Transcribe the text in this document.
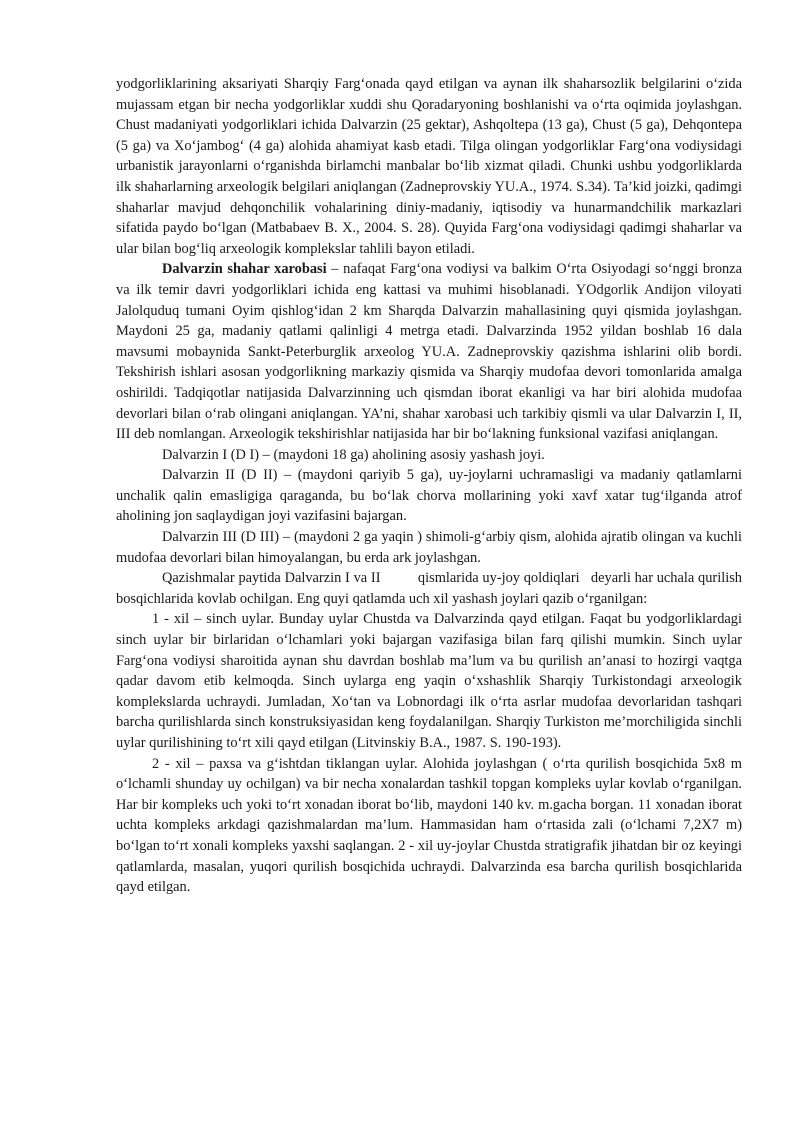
yodgorliklarining aksariyati Sharqiy Farg‘onada qayd etilgan va aynan ilk shaharsozlik belgilarini o‘zida mujassam etgan bir necha yodgorliklar xuddi shu Qoradaryoning boshlanishi va o‘rta oqimida joylashgan. Chust madaniyati yodgorliklari ichida Dalvarzin (25 gektar), Ashqoltepa (13 ga), Chust (5 ga), Dehqontepa (5 ga) va Xo‘jambog‘ (4 ga) alohida ahamiyat kasb etadi. Tilga olingan yodgorliklar Farg‘ona vodiysidagi urbanistik jarayonlarni o‘rganishda birlamchi manbalar bo‘lib xizmat qiladi. Chunki ushbu yodgorliklarda ilk shaharlarning arxeologik belgilari aniqlangan (Zadneprovskiy YU.A., 1974. S.34). Ta’kid joizki, qadimgi shaharlar mavjud dehqonchilik vohalarining diniy-madaniy, iqtisodiy va hunarmandchilik markazlari sifatida paydo bo‘lgan (Matbabaev B. X., 2004. S. 28). Quyida Farg‘ona vodiysidagi qadimgi shaharlar va ular bilan bog‘liq arxeologik komplekslar tahlili bayon etiladi.

Dalvarzin shahar xarobasi – nafaqat Farg‘ona vodiysi va balkim O‘rta Osiyodagi so‘nggi bronza va ilk temir davri yodgorliklari ichida eng kattasi va muhimi hisoblanadi. YOdgorlik Andijon viloyati Jalolquduq tumani Oyim qishlog‘idan 2 km Sharqda Dalvarzin mahallasining quyi qismida joylashgan. Maydoni 25 ga, madaniy qatlami qalinligi 4 metrga etadi. Dalvarzinda 1952 yildan boshlab 16 dala mavsumi mobaynida Sankt-Peterburglik arxeolog YU.A. Zadneprovskiy qazishma ishlarini olib bordi. Tekshirish ishlari asosan yodgorlikning markaziy qismida va Sharqiy mudofaa devori tomonlarida amalga oshirildi. Tadqiqotlar natijasida Dalvarzinning uch qismdan iborat ekanligi va har biri alohida mudofaa devorlari bilan o‘rab olingani aniqlangan. YA’ni, shahar xarobasi uch tarkibiy qismli va ular Dalvarzin I, II, III deb nomlangan. Arxeologik tekshirishlar natijasida har bir bo‘lakning funksional vazifasi aniqlangan.

Dalvarzin I (D I) – (maydoni 18 ga) aholining asosiy yashash joyi.

Dalvarzin II (D II) – (maydoni qariyib 5 ga), uy-joylarni uchramasligi va madaniy qatlamlarni unchalik qalin emasligiga qaraganda, bu bo‘lak chorva mollarining yoki xavf xatar tug‘ilganda atrof aholining jon saqlaydigan joyi vazifasini bajargan.

Dalvarzin III (D III) – (maydoni 2 ga yaqin ) shimoli-g‘arbiy qism, alohida ajratib olingan va kuchli mudofaa devorlari bilan himoyalangan, bu erda ark joylashgan.

Qazishmalar paytida Dalvarzin I va II          qismlarida uy-joy qoldiqlari   deyarli har uchala qurilish bosqichlarida kovlab ochilgan. Eng quyi qatlamda uch xil yashash joylari qazib o‘rganilgan:

1 - xil – sinch uylar. Bunday uylar Chustda va Dalvarzinda qayd etilgan. Faqat bu yodgorliklardagi sinch uylar bir birlaridan o‘lchamlari yoki bajargan vazifasiga bilan farq qilishi mumkin. Sinch uylar Farg‘ona vodiysi sharoitida aynan shu davrdan boshlab ma’lum va bu qurilish an’anasi to hozirgi vaqtga qadar davom etib kelmoqda. Sinch uylarga eng yaqin o‘xshashlik Sharqiy Turkistondagi arxeologik komplekslarda uchraydi. Jumladan, Xo‘tan va Lobnordagi ilk o‘rta asrlar mudofaa devorlaridan tashqari barcha qurilishlarda sinch konstruksiyasidan keng foydalanilgan. Sharqiy Turkiston me’morchiligida sinchli uylar qurilishining to‘rt xili qayd etilgan (Litvinskiy B.A., 1987. S. 190-193).

2 - xil – paxsa va g‘ishtdan tiklangan uylar. Alohida joylashgan ( o‘rta qurilish bosqichida 5x8 m o‘lchamli shunday uy ochilgan) va bir necha xonalardan tashkil topgan kompleks uylar kovlab o‘rganilgan. Har bir kompleks uch yoki to‘rt xonadan iborat bo‘lib, maydoni 140 kv. m.gacha borgan. 11 xonadan iborat uchta kompleks arkdagi qazishmalardan ma’lum. Hammasidan ham o‘rtasida zali (o‘lchami 7,2X7 m) bo‘lgan to‘rt xonali kompleks yaxshi saqlangan. 2 - xil uy-joylar Chustda stratigrafik jihatdan bir oz keyingi qatlamlarda, masalan, yuqori qurilish bosqichida uchraydi. Dalvarzinda esa barcha qurilish bosqichlarida qayd etilgan.
